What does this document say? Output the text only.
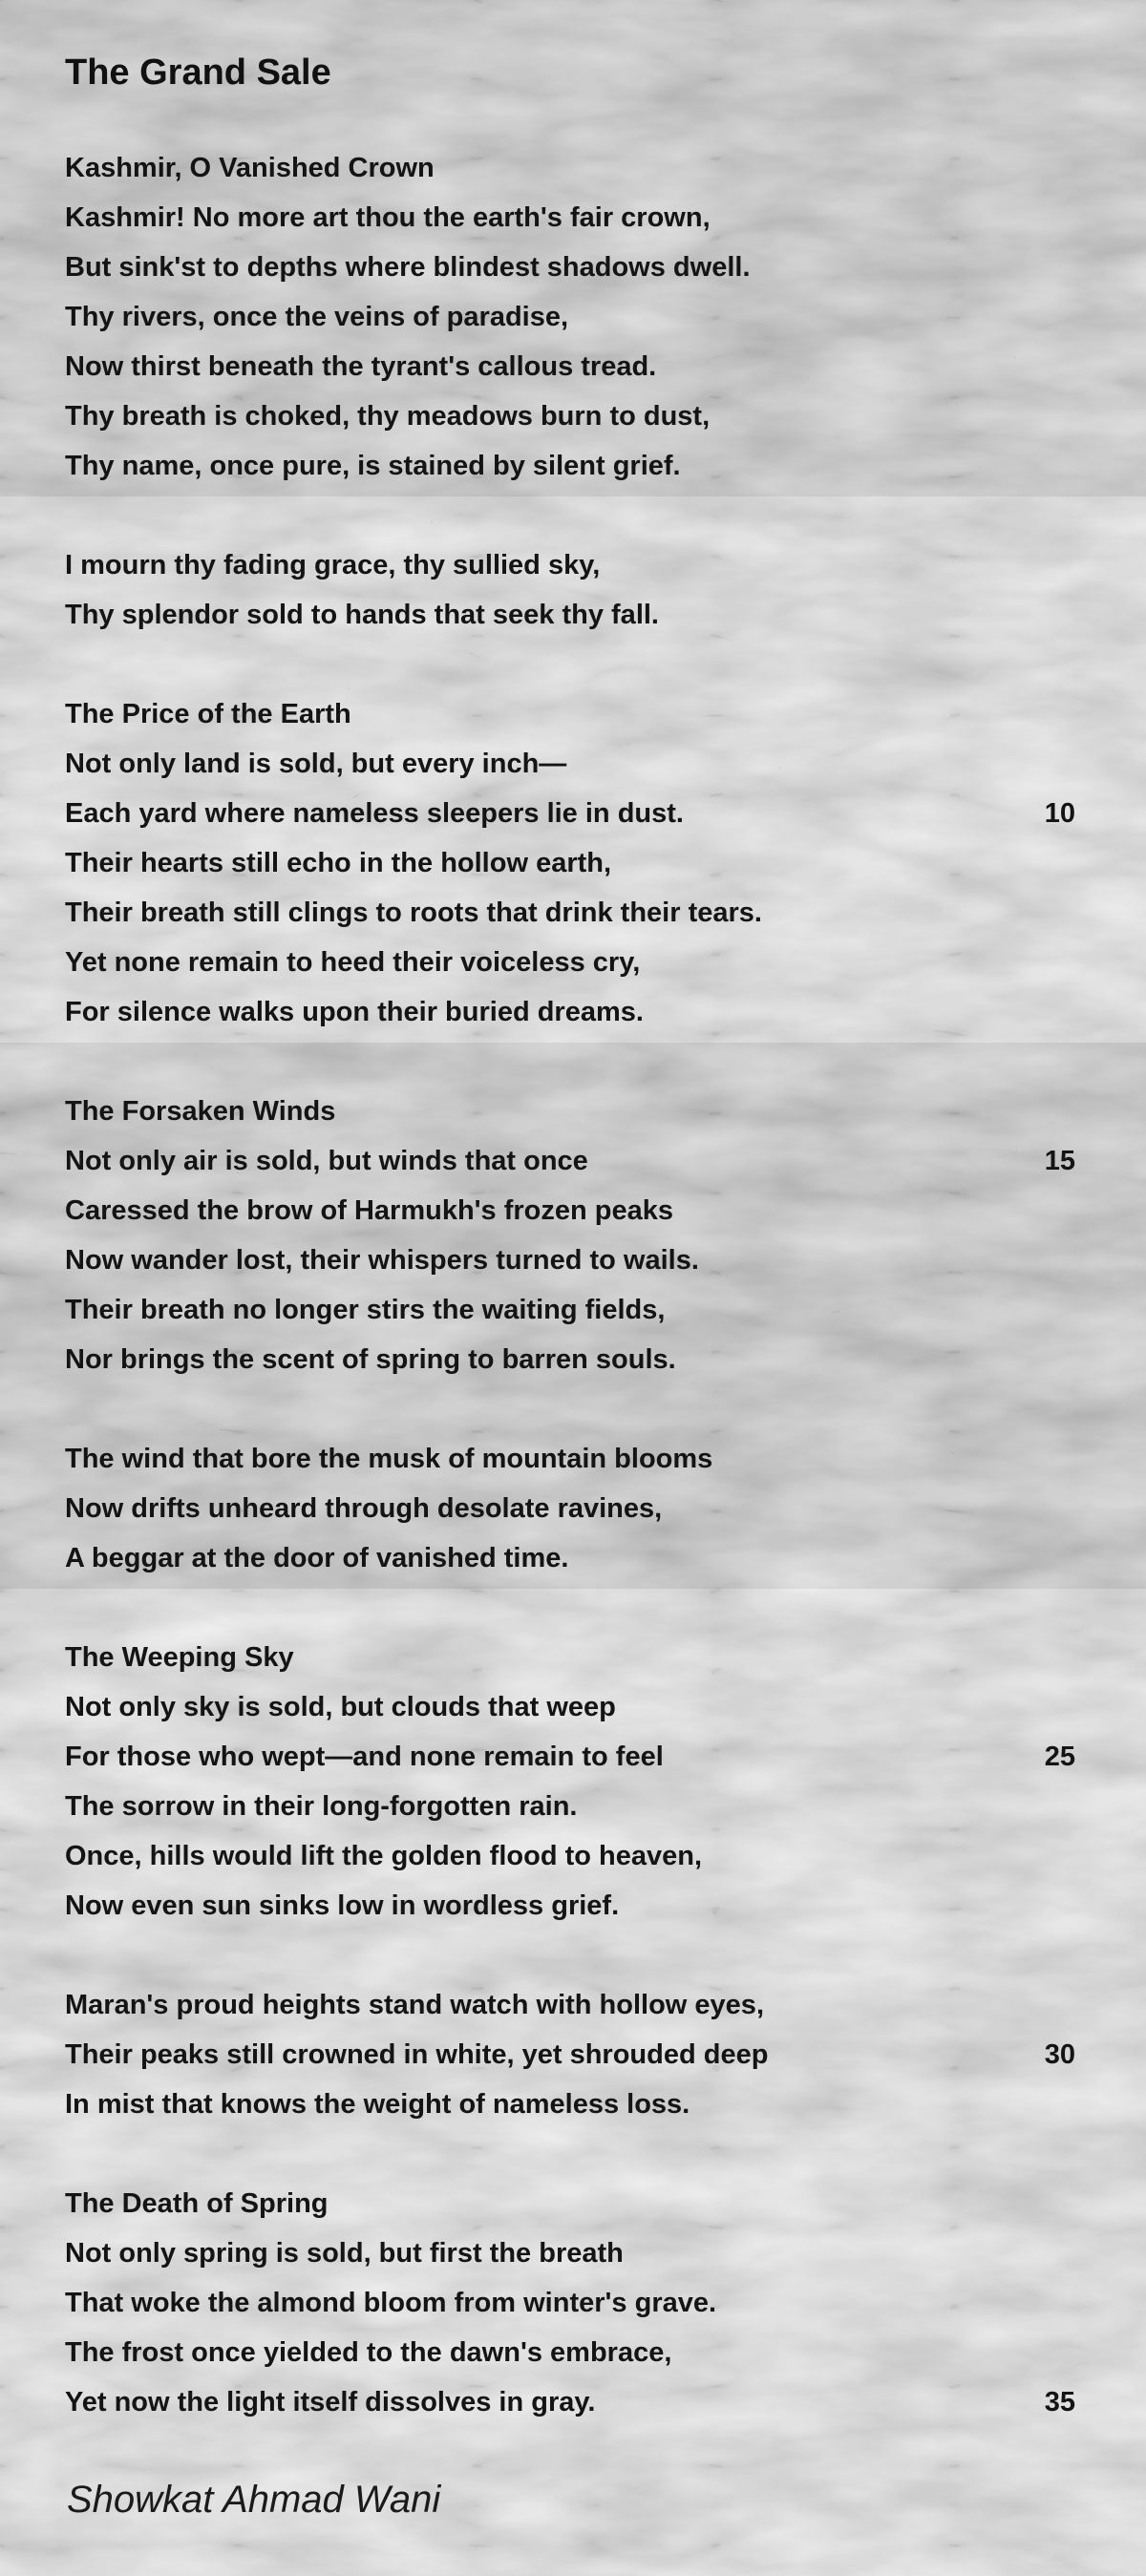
The Grand Sale
Kashmir, O Vanished Crown
Kashmir! No more art thou the earth's fair crown,
But sink'st to depths where blindest shadows dwell.
Thy rivers, once the veins of paradise,
Now thirst beneath the tyrant's callous tread.
Thy breath is choked, thy meadows burn to dust,
Thy name, once pure, is stained by silent grief.
I mourn thy fading grace, thy sullied sky,
Thy splendor sold to hands that seek thy fall.
The Price of the Earth
Not only land is sold, but every inch—
Each yard where nameless sleepers lie in dust.	10
Their hearts still echo in the hollow earth,
Their breath still clings to roots that drink their tears.
Yet none remain to heed their voiceless cry,
For silence walks upon their buried dreams.
The Forsaken Winds
Not only air is sold, but winds that once	15
Caressed the brow of Harmukh's frozen peaks
Now wander lost, their whispers turned to wails.
Their breath no longer stirs the waiting fields,
Nor brings the scent of spring to barren souls.
The wind that bore the musk of mountain blooms
Now drifts unheard through desolate ravines,
A beggar at the door of vanished time.
The Weeping Sky
Not only sky is sold, but clouds that weep
For those who wept—and none remain to feel	25
The sorrow in their long-forgotten rain.
Once, hills would lift the golden flood to heaven,
Now even sun sinks low in wordless grief.
Maran's proud heights stand watch with hollow eyes,
Their peaks still crowned in white, yet shrouded deep	30
In mist that knows the weight of nameless loss.
The Death of Spring
Not only spring is sold, but first the breath
That woke the almond bloom from winter's grave.
The frost once yielded to the dawn's embrace,
Yet now the light itself dissolves in gray.	35
Showkat Ahmad Wani
